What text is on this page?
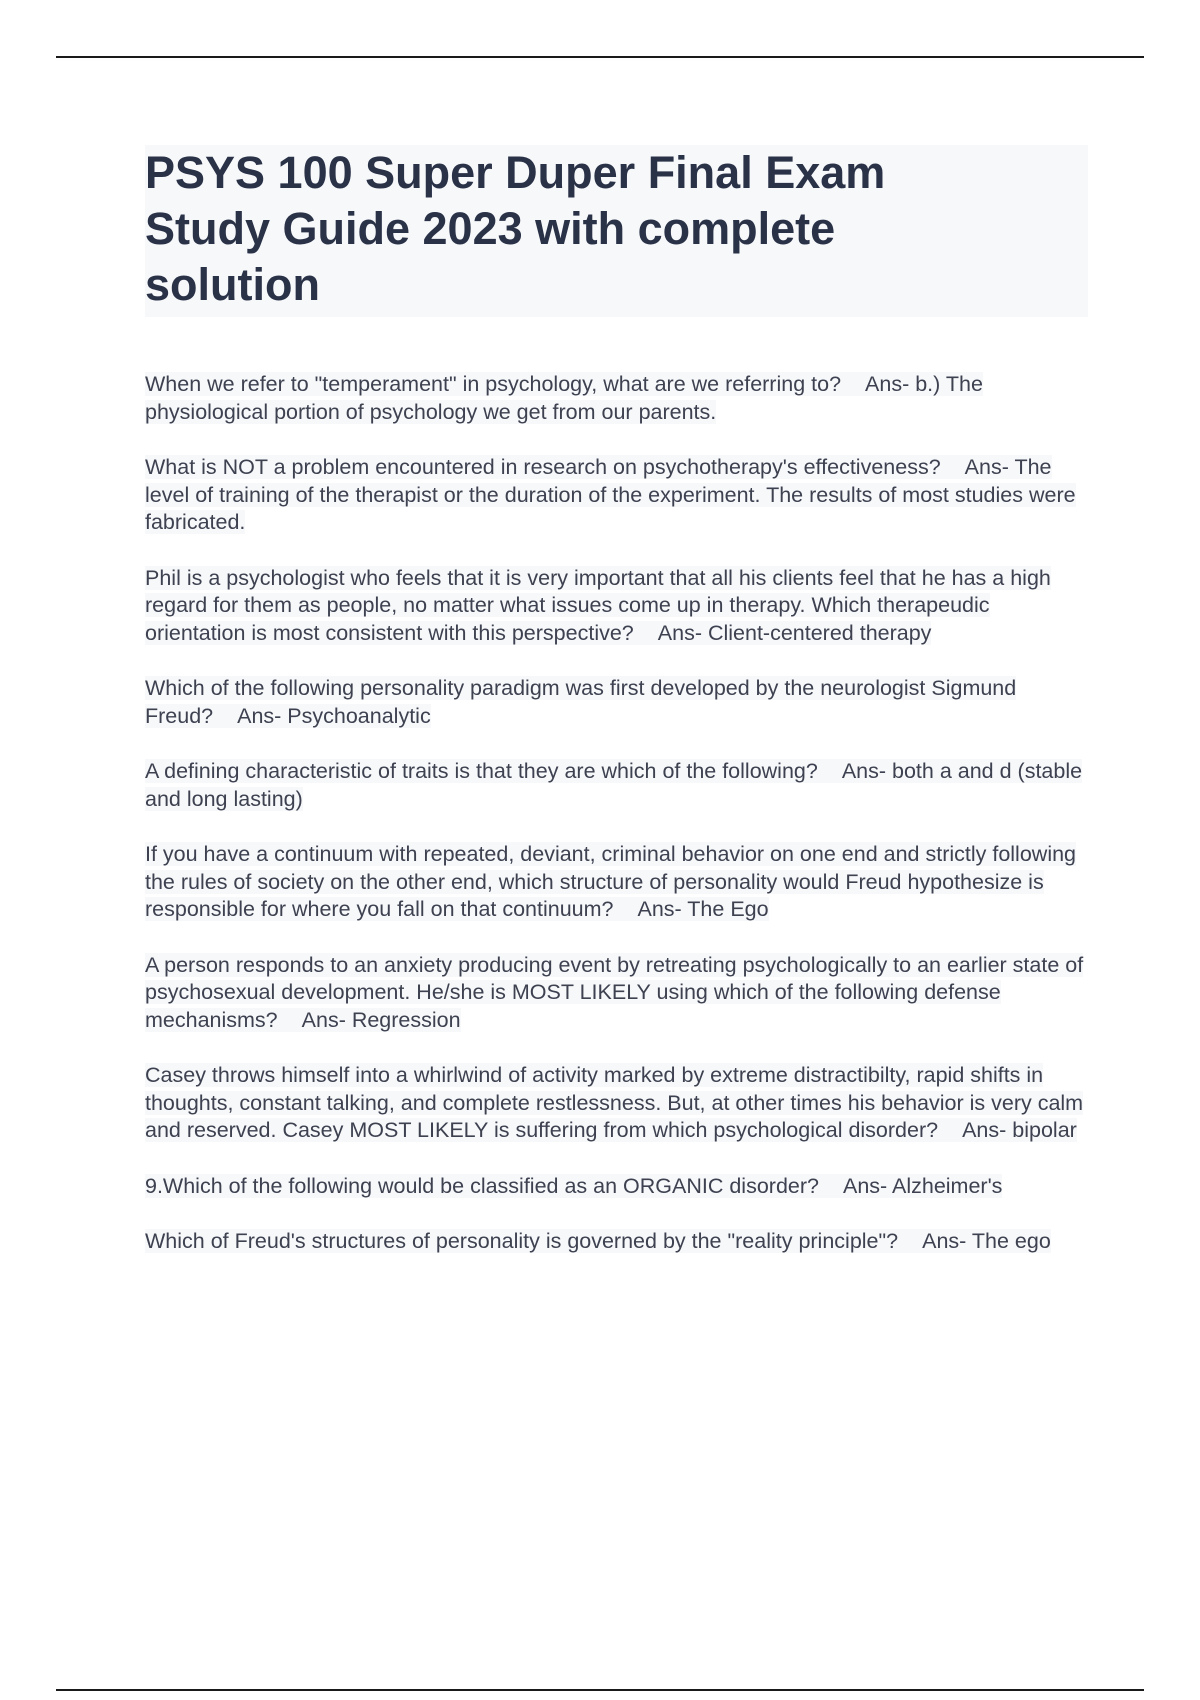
PSYS 100 Super Duper Final Exam Study Guide 2023 with complete solution

When we refer to "temperament" in psychology, what are we referring to? Ans- b.) The physiological portion of psychology we get from our parents.

What is NOT a problem encountered in research on psychotherapy's effectiveness? Ans- The level of training of the therapist or the duration of the experiment. The results of most studies were fabricated.

Phil is a psychologist who feels that it is very important that all his clients feel that he has a high regard for them as people, no matter what issues come up in therapy. Which therapeudic orientation is most consistent with this perspective? Ans- Client-centered therapy

Which of the following personality paradigm was first developed by the neurologist Sigmund Freud? Ans- Psychoanalytic

A defining characteristic of traits is that they are which of the following? Ans- both a and d (stable and long lasting)

If you have a continuum with repeated, deviant, criminal behavior on one end and strictly following the rules of society on the other end, which structure of personality would Freud hypothesize is responsible for where you fall on that continuum? Ans- The Ego

A person responds to an anxiety producing event by retreating psychologically to an earlier state of psychosexual development. He/she is MOST LIKELY using which of the following defense mechanisms? Ans- Regression

Casey throws himself into a whirlwind of activity marked by extreme distractibilty, rapid shifts in thoughts, constant talking, and complete restlessness. But, at other times his behavior is very calm and reserved. Casey MOST LIKELY is suffering from which psychological disorder? Ans- bipolar

9.Which of the following would be classified as an ORGANIC disorder? Ans- Alzheimer's

Which of Freud's structures of personality is governed by the "reality principle"? Ans- The ego
